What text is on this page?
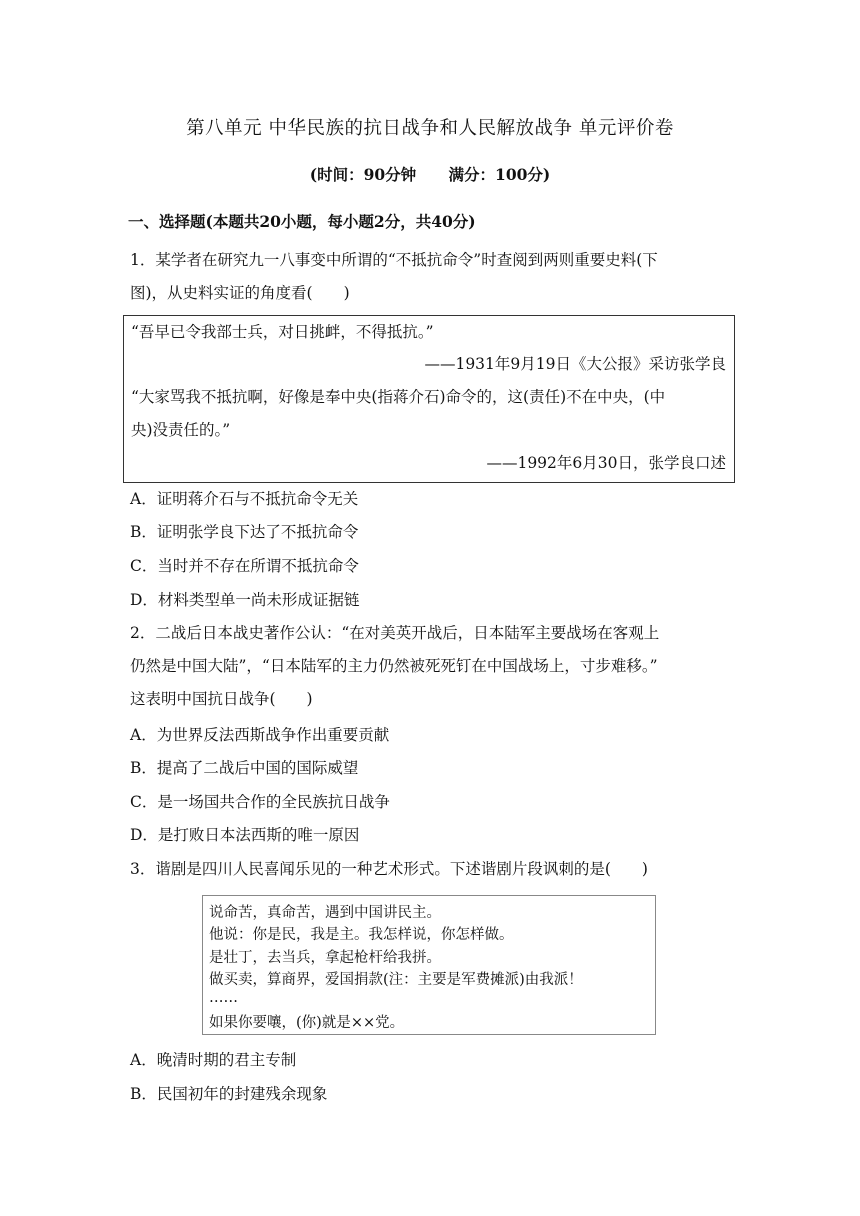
第八单元 中华民族的抗日战争和人民解放战争 单元评价卷
(时间：90分钟      满分：100分)
一、选择题(本题共20小题，每小题2分，共40分)
1．某学者在研究九一八事变中所谓的“不抵抗命令”时查阅到两则重要史料(下
图)，从史料实证的角度看(　　)
“吾早已令我部士兵，对日挑衅，不得抵抗。”
——1931年9月19日《大公报》采访张学良
“大家骂我不抵抗啊，好像是奉中央(指蒋介石)命令的，这(责任)不在中央，(中
央)没责任的。”
——1992年6月30日，张学良口述
A．证明蒋介石与不抵抗命令无关
B．证明张学良下达了不抵抗命令
C．当时并不存在所谓不抵抗命令
D．材料类型单一尚未形成证据链
2．二战后日本战史著作公认：“在对美英开战后，日本陆军主要战场在客观上
仍然是中国大陆”，“日本陆军的主力仍然被死死钉在中国战场上，寸步难移。”
这表明中国抗日战争(　　)
A．为世界反法西斯战争作出重要贡献
B．提高了二战后中国的国际威望
C．是一场国共合作的全民族抗日战争
D．是打败日本法西斯的唯一原因
3．谐剧是四川人民喜闻乐见的一种艺术形式。下述谐剧片段讽刺的是(　　)
说命苦，真命苦，遇到中国讲民主。
他说：你是民，我是主。我怎样说，你怎样做。
是壮丁，去当兵，拿起枪杆给我拼。
做买卖，算商界，爱国捐款(注：主要是军费摊派)由我派！
……
如果你要嚷，(你)就是××党。
A．晚清时期的君主专制
B．民国初年的封建残余现象
